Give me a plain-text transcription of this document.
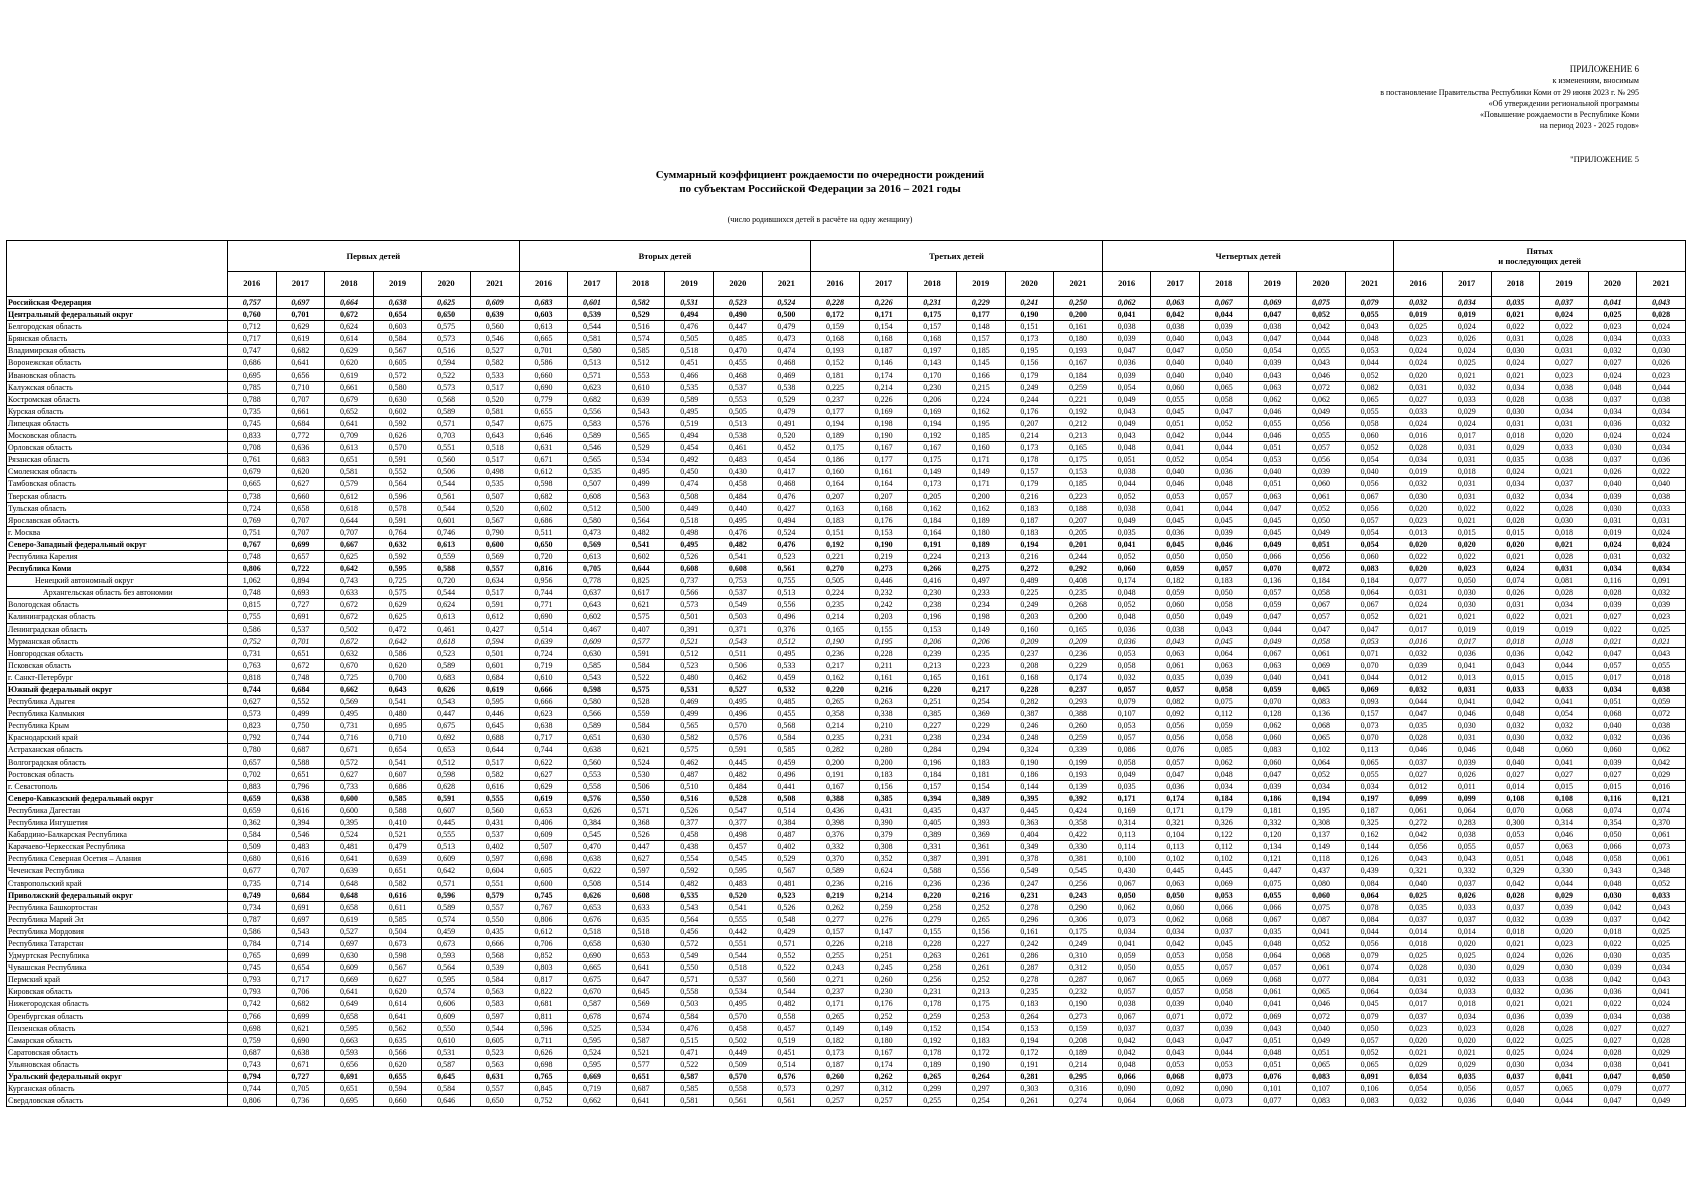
ПРИЛОЖЕНИЕ 6
к изменениям, вносимым
в постановление Правительства Республики Коми от 29 июня 2023 г. № 295
«Об утверждении региональной программы
«Повышение рождаемости в Республике Коми
на период 2023 - 2025 годов»
"ПРИЛОЖЕНИЕ 5
Суммарный коэффициент рождаемости по очередности рождений
по субъектам Российской Федерации за 2016 – 2021 годы
(число родившихся детей в расчёте на одну женщину)
	Первых детей						Вторых детей						Третьих детей						Четвертых детей						Пятых
и последующих детей					
	2016	2017	2018	2019	2020	2021	2016	2017	2018	2019	2020	2021	2016	2017	2018	2019	2020	2021	2016	2017	2018	2019	2020	2021	2016	2017	2018	2019	2020	2021
Российская Федерация	0,757	0,697	0,664	0,638	0,625	0,609	0,683	0,601	0,582	0,531	0,523	0,524	0,228	0,226	0,231	0,229	0,241	0,250	0,062	0,063	0,067	0,069	0,075	0,079	0,032	0,034	0,035	0,037	0,041	0,043
Центральный федеральный округ	0,760	0,701	0,672	0,654	0,650	0,639	0,603	0,539	0,529	0,494	0,490	0,500	0,172	0,171	0,175	0,177	0,190	0,200	0,041	0,042	0,044	0,047	0,052	0,055	0,019	0,019	0,021	0,024	0,025	0,028
Белгородская область	0,712	0,629	0,624	0,603	0,575	0,560	0,613	0,544	0,516	0,476	0,447	0,479	0,159	0,154	0,157	0,148	0,151	0,161	0,038	0,038	0,039	0,038	0,042	0,043	0,025	0,024	0,022	0,022	0,023	0,024
Брянская область	0,717	0,619	0,614	0,584	0,573	0,546	0,665	0,581	0,574	0,505	0,485	0,473	0,168	0,168	0,168	0,157	0,173	0,180	0,039	0,040	0,043	0,047	0,044	0,048	0,023	0,026	0,031	0,028	0,034	0,033
Владимирская область	0,747	0,682	0,629	0,567	0,516	0,527	0,701	0,580	0,585	0,518	0,470	0,474	0,193	0,187	0,197	0,185	0,195	0,193	0,047	0,047	0,050	0,054	0,055	0,053	0,024	0,024	0,030	0,031	0,032	0,030
Воронежская область	0,686	0,641	0,620	0,605	0,594	0,582	0,586	0,513	0,512	0,451	0,455	0,468	0,152	0,146	0,143	0,145	0,156	0,167	0,036	0,040	0,040	0,039	0,043	0,044	0,024	0,025	0,024	0,027	0,027	0,026
Ивановская область	0,695	0,656	0,619	0,572	0,522	0,533	0,660	0,571	0,553	0,466	0,468	0,469	0,181	0,174	0,170	0,166	0,179	0,184	0,039	0,040	0,040	0,043	0,046	0,052	0,020	0,021	0,021	0,023	0,024	0,023
Калужская область	0,785	0,710	0,661	0,580	0,573	0,517	0,690	0,623	0,610	0,535	0,537	0,538	0,225	0,214	0,230	0,215	0,249	0,259	0,054	0,060	0,065	0,063	0,072	0,082	0,031	0,032	0,034	0,038	0,048	0,044
Костромская область	0,788	0,707	0,679	0,630	0,568	0,520	0,779	0,682	0,639	0,589	0,553	0,529	0,237	0,226	0,206	0,224	0,244	0,221	0,049	0,055	0,058	0,062	0,062	0,065	0,027	0,033	0,028	0,038	0,037	0,038
Курская область	0,735	0,661	0,652	0,602	0,589	0,581	0,655	0,556	0,543	0,495	0,505	0,479	0,177	0,169	0,169	0,162	0,176	0,192	0,043	0,045	0,047	0,046	0,049	0,055	0,033	0,029	0,030	0,034	0,034	0,034
Липецкая область	0,745	0,684	0,641	0,592	0,571	0,547	0,675	0,583	0,576	0,519	0,513	0,491	0,194	0,198	0,194	0,195	0,207	0,212	0,049	0,051	0,052	0,055	0,056	0,058	0,024	0,024	0,031	0,031	0,036	0,032
Московская область	0,833	0,772	0,709	0,626	0,703	0,643	0,646	0,589	0,565	0,494	0,538	0,520	0,189	0,190	0,192	0,185	0,214	0,213	0,043	0,042	0,044	0,046	0,055	0,060	0,016	0,017	0,018	0,020	0,024	0,024
Орловская область	0,708	0,636	0,613	0,570	0,551	0,518	0,631	0,546	0,529	0,454	0,461	0,452	0,175	0,167	0,167	0,160	0,173	0,165	0,048	0,041	0,044	0,051	0,057	0,052	0,028	0,031	0,029	0,033	0,030	0,034
Рязанская область	0,761	0,683	0,651	0,591	0,560	0,517	0,671	0,565	0,534	0,492	0,483	0,454	0,186	0,177	0,175	0,171	0,178	0,175	0,051	0,052	0,054	0,053	0,056	0,054	0,034	0,031	0,035	0,038	0,037	0,036
Смоленская область	0,679	0,620	0,581	0,552	0,506	0,498	0,612	0,535	0,495	0,450	0,430	0,417	0,160	0,161	0,149	0,149	0,157	0,153	0,038	0,040	0,036	0,040	0,039	0,040	0,019	0,018	0,024	0,021	0,026	0,022
Тамбовская область	0,665	0,627	0,579	0,564	0,544	0,535	0,598	0,507	0,499	0,474	0,458	0,468	0,164	0,164	0,173	0,171	0,179	0,185	0,044	0,046	0,048	0,051	0,060	0,056	0,032	0,031	0,034	0,037	0,040	0,040
Тверская область	0,738	0,660	0,612	0,596	0,561	0,507	0,682	0,608	0,563	0,508	0,484	0,476	0,207	0,207	0,205	0,200	0,216	0,223	0,052	0,053	0,057	0,063	0,061	0,067	0,030	0,031	0,032	0,034	0,039	0,038
Тульская область	0,724	0,658	0,618	0,578	0,544	0,520	0,602	0,512	0,500	0,449	0,440	0,427	0,163	0,168	0,162	0,162	0,183	0,188	0,038	0,041	0,044	0,047	0,052	0,056	0,020	0,022	0,022	0,028	0,030	0,033
Ярославская область	0,769	0,707	0,644	0,591	0,601	0,567	0,686	0,580	0,564	0,518	0,495	0,494	0,183	0,176	0,184	0,189	0,187	0,207	0,049	0,045	0,045	0,045	0,050	0,057	0,023	0,021	0,028	0,030	0,031	0,031
г. Москва	0,751	0,707	0,707	0,764	0,746	0,790	0,511	0,473	0,482	0,498	0,476	0,524	0,151	0,153	0,164	0,180	0,183	0,205	0,035	0,036	0,039	0,045	0,049	0,054	0,013	0,015	0,015	0,018	0,019	0,024
Северо-Западный федеральный округ	0,767	0,699	0,667	0,632	0,613	0,600	0,650	0,569	0,541	0,495	0,482	0,476	0,192	0,190	0,191	0,189	0,194	0,201	0,041	0,045	0,046	0,049	0,051	0,054	0,020	0,020	0,020	0,021	0,024	0,024
Республика Карелия	0,748	0,657	0,625	0,592	0,559	0,569	0,720	0,613	0,602	0,526	0,541	0,523	0,221	0,219	0,224	0,213	0,216	0,244	0,052	0,050	0,050	0,066	0,056	0,060	0,022	0,022	0,021	0,028	0,031	0,032
Республика Коми	0,806	0,722	0,642	0,595	0,588	0,557	0,816	0,705	0,644	0,608	0,608	0,561	0,270	0,273	0,266	0,275	0,272	0,292	0,060	0,059	0,057	0,070	0,072	0,083	0,020	0,023	0,024	0,031	0,034	0,034
Ненецкий автономный округ	1,062	0,894	0,743	0,725	0,720	0,634	0,956	0,778	0,825	0,737	0,753	0,755	0,505	0,446	0,416	0,497	0,489	0,408	0,174	0,182	0,183	0,136	0,184	0,184	0,077	0,050	0,074	0,081	0,116	0,091
Архангельская область без автономии	0,748	0,693	0,633	0,575	0,544	0,517	0,744	0,637	0,617	0,566	0,537	0,513	0,224	0,232	0,230	0,233	0,225	0,235	0,048	0,059	0,050	0,057	0,058	0,064	0,031	0,030	0,026	0,028	0,028	0,032
Вологодская область	0,815	0,727	0,672	0,629	0,624	0,591	0,771	0,643	0,621	0,573	0,549	0,556	0,235	0,242	0,238	0,234	0,249	0,268	0,052	0,060	0,058	0,059	0,067	0,067	0,024	0,030	0,031	0,034	0,039	0,039
Калининградская область	0,755	0,691	0,672	0,625	0,613	0,612	0,690	0,602	0,575	0,501	0,503	0,496	0,214	0,203	0,196	0,198	0,203	0,200	0,048	0,050	0,049	0,047	0,057	0,052	0,021	0,021	0,022	0,021	0,027	0,023
Ленинградская область	0,586	0,537	0,502	0,472	0,461	0,427	0,514	0,467	0,407	0,391	0,371	0,376	0,165	0,155	0,153	0,149	0,160	0,165	0,036	0,038	0,043	0,044	0,047	0,047	0,017	0,019	0,019	0,019	0,022	0,025
Мурманская область	0,752	0,701	0,672	0,642	0,618	0,594	0,639	0,609	0,577	0,521	0,543	0,512	0,190	0,195	0,206	0,206	0,209	0,209	0,036	0,043	0,045	0,049	0,058	0,053	0,016	0,017	0,018	0,018	0,021	0,021
Новгородская область	0,731	0,651	0,632	0,586	0,523	0,501	0,724	0,630	0,591	0,512	0,511	0,495	0,236	0,228	0,239	0,235	0,237	0,236	0,053	0,063	0,064	0,067	0,061	0,071	0,032	0,036	0,036	0,042	0,047	0,043
Псковская область	0,763	0,672	0,670	0,620	0,589	0,601	0,719	0,585	0,584	0,523	0,506	0,533	0,217	0,211	0,213	0,223	0,208	0,229	0,058	0,061	0,063	0,063	0,069	0,070	0,039	0,041	0,043	0,044	0,057	0,055
г. Санкт-Петербург	0,818	0,748	0,725	0,700	0,683	0,684	0,610	0,543	0,522	0,480	0,462	0,459	0,162	0,161	0,165	0,161	0,168	0,174	0,032	0,035	0,039	0,040	0,041	0,044	0,012	0,013	0,015	0,015	0,017	0,018
Южный федеральный округ	0,744	0,684	0,662	0,643	0,626	0,619	0,666	0,598	0,575	0,531	0,527	0,532	0,220	0,216	0,220	0,217	0,228	0,237	0,057	0,057	0,058	0,059	0,065	0,069	0,032	0,031	0,033	0,033	0,034	0,038
Республика Адыгея	0,627	0,552	0,569	0,541	0,543	0,595	0,666	0,580	0,528	0,469	0,495	0,485	0,265	0,263	0,251	0,254	0,282	0,293	0,079	0,082	0,075	0,070	0,083	0,093	0,044	0,041	0,042	0,041	0,051	0,059
Республика Калмыкия	0,573	0,499	0,495	0,480	0,447	0,446	0,623	0,566	0,559	0,499	0,496	0,455	0,358	0,338	0,385	0,369	0,387	0,388	0,107	0,092	0,112	0,128	0,136	0,157	0,047	0,046	0,048	0,054	0,068	0,072
Республика Крым	0,823	0,750	0,731	0,695	0,675	0,645	0,638	0,589	0,584	0,565	0,570	0,568	0,214	0,210	0,227	0,229	0,246	0,260	0,053	0,056	0,059	0,062	0,068	0,073	0,035	0,030	0,032	0,032	0,040	0,038
Краснодарский край	0,792	0,744	0,716	0,710	0,692	0,688	0,717	0,651	0,630	0,582	0,576	0,584	0,235	0,231	0,238	0,234	0,248	0,259	0,057	0,056	0,058	0,060	0,065	0,070	0,028	0,031	0,030	0,032	0,032	0,036
Астраханская область	0,780	0,687	0,671	0,654	0,653	0,644	0,744	0,638	0,621	0,575	0,591	0,585	0,282	0,280	0,284	0,294	0,324	0,339	0,086	0,076	0,085	0,083	0,102	0,113	0,046	0,046	0,048	0,060	0,060	0,062
Волгоградская область	0,657	0,588	0,572	0,541	0,512	0,517	0,622	0,560	0,524	0,462	0,445	0,459	0,200	0,200	0,196	0,183	0,190	0,199	0,058	0,057	0,062	0,060	0,064	0,065	0,037	0,039	0,040	0,041	0,039	0,042
Ростовская область	0,702	0,651	0,627	0,607	0,598	0,582	0,627	0,553	0,530	0,487	0,482	0,496	0,191	0,183	0,184	0,181	0,186	0,193	0,049	0,047	0,048	0,047	0,052	0,055	0,027	0,026	0,027	0,027	0,027	0,029
г. Севастополь	0,883	0,796	0,733	0,686	0,628	0,616	0,629	0,558	0,506	0,510	0,484	0,441	0,167	0,156	0,157	0,154	0,144	0,139	0,035	0,036	0,034	0,039	0,034	0,034	0,012	0,011	0,014	0,015	0,015	0,016
Северо-Кавказский федеральный округ	0,659	0,638	0,600	0,585	0,591	0,555	0,619	0,576	0,550	0,516	0,528	0,508	0,388	0,385	0,394	0,389	0,395	0,392	0,171	0,174	0,184	0,186	0,194	0,197	0,099	0,099	0,108	0,108	0,116	0,121
Республика Дагестан	0,659	0,616	0,600	0,588	0,607	0,560	0,653	0,626	0,571	0,526	0,547	0,514	0,436	0,431	0,435	0,437	0,445	0,424	0,169	0,171	0,179	0,181	0,195	0,187	0,061	0,064	0,070	0,068	0,074	0,074
Республика Ингушетия	0,362	0,394	0,395	0,410	0,445	0,431	0,406	0,384	0,368	0,377	0,377	0,384	0,398	0,390	0,405	0,393	0,363	0,358	0,314	0,321	0,326	0,332	0,308	0,325	0,272	0,283	0,300	0,314	0,354	0,370
Кабардино-Балкарская Республика	0,584	0,546	0,524	0,521	0,555	0,537	0,609	0,545	0,526	0,458	0,498	0,487	0,376	0,379	0,389	0,369	0,404	0,422	0,113	0,104	0,122	0,120	0,137	0,162	0,042	0,038	0,053	0,046	0,050	0,061
Карачаево-Черкесская Республика	0,509	0,483	0,481	0,479	0,513	0,402	0,507	0,470	0,447	0,438	0,457	0,402	0,332	0,308	0,331	0,361	0,349	0,330	0,114	0,113	0,112	0,134	0,149	0,144	0,056	0,055	0,057	0,063	0,066	0,073
Республика Северная Осетия – Алания	0,680	0,616	0,641	0,639	0,609	0,597	0,698	0,638	0,627	0,554	0,545	0,529	0,370	0,352	0,387	0,391	0,378	0,381	0,100	0,102	0,102	0,121	0,118	0,126	0,043	0,043	0,051	0,048	0,058	0,061
Чеченская Республика	0,677	0,707	0,639	0,651	0,642	0,604	0,605	0,622	0,597	0,592	0,595	0,567	0,589	0,624	0,588	0,556	0,549	0,545	0,430	0,445	0,445	0,447	0,437	0,439	0,321	0,332	0,329	0,330	0,343	0,348
Ставропольский край	0,735	0,714	0,648	0,582	0,571	0,551	0,600	0,508	0,514	0,482	0,483	0,481	0,236	0,216	0,236	0,236	0,247	0,256	0,067	0,063	0,069	0,075	0,080	0,084	0,040	0,037	0,042	0,044	0,048	0,052
Приволжский федеральный округ	0,749	0,684	0,648	0,616	0,596	0,579	0,745	0,626	0,608	0,535	0,520	0,523	0,219	0,214	0,220	0,216	0,231	0,243	0,050	0,050	0,053	0,055	0,060	0,064	0,025	0,026	0,028	0,029	0,030	0,033
Республика Башкортостан	0,734	0,691	0,658	0,611	0,589	0,557	0,767	0,653	0,633	0,543	0,541	0,526	0,262	0,259	0,258	0,252	0,278	0,290	0,062	0,060	0,066	0,066	0,075	0,078	0,035	0,033	0,037	0,039	0,042	0,043
Республика Марий Эл	0,787	0,697	0,619	0,585	0,574	0,550	0,806	0,676	0,635	0,564	0,555	0,548	0,277	0,276	0,279	0,265	0,296	0,306	0,073	0,062	0,068	0,067	0,087	0,084	0,037	0,037	0,032	0,039	0,037	0,042
Республика Мордовия	0,586	0,543	0,527	0,504	0,459	0,435	0,612	0,518	0,518	0,456	0,442	0,429	0,157	0,147	0,155	0,156	0,161	0,175	0,034	0,034	0,037	0,035	0,041	0,044	0,014	0,014	0,018	0,020	0,018	0,025
Республика Татарстан	0,784	0,714	0,697	0,673	0,673	0,666	0,706	0,658	0,630	0,572	0,551	0,571	0,226	0,218	0,228	0,227	0,242	0,249	0,041	0,042	0,045	0,048	0,052	0,056	0,018	0,020	0,021	0,023	0,022	0,025
Удмуртская Республика	0,765	0,699	0,630	0,598	0,593	0,568	0,852	0,690	0,653	0,549	0,544	0,552	0,255	0,251	0,263	0,261	0,286	0,310	0,059	0,053	0,058	0,064	0,068	0,079	0,025	0,025	0,024	0,026	0,030	0,035
Чувашская Республика	0,745	0,654	0,609	0,567	0,564	0,539	0,803	0,665	0,641	0,550	0,518	0,522	0,243	0,245	0,258	0,261	0,287	0,312	0,050	0,055	0,057	0,057	0,061	0,074	0,028	0,030	0,029	0,030	0,039	0,034
Пермский край	0,793	0,717	0,669	0,627	0,595	0,584	0,817	0,675	0,647	0,571	0,537	0,560	0,271	0,260	0,256	0,252	0,278	0,287	0,067	0,065	0,069	0,068	0,077	0,084	0,031	0,032	0,033	0,038	0,042	0,043
Кировская область	0,793	0,706	0,641	0,620	0,574	0,563	0,822	0,670	0,645	0,558	0,534	0,544	0,237	0,230	0,231	0,213	0,235	0,232	0,057	0,057	0,058	0,061	0,065	0,064	0,034	0,033	0,032	0,036	0,036	0,041
Нижегородская область	0,742	0,682	0,649	0,614	0,606	0,583	0,681	0,587	0,569	0,503	0,495	0,482	0,171	0,176	0,178	0,175	0,183	0,190	0,038	0,039	0,040	0,041	0,046	0,045	0,017	0,018	0,021	0,021	0,022	0,024
Оренбургская область	0,766	0,699	0,658	0,641	0,609	0,597	0,811	0,678	0,674	0,584	0,570	0,558	0,265	0,252	0,259	0,253	0,264	0,273	0,067	0,071	0,072	0,069	0,072	0,079	0,037	0,034	0,036	0,039	0,034	0,038
Пензенская область	0,698	0,621	0,595	0,562	0,550	0,544	0,596	0,525	0,534	0,476	0,458	0,457	0,149	0,149	0,152	0,154	0,153	0,159	0,037	0,037	0,039	0,043	0,040	0,050	0,023	0,023	0,028	0,028	0,027	0,027
Самарская область	0,759	0,690	0,663	0,635	0,610	0,605	0,711	0,595	0,587	0,515	0,502	0,519	0,182	0,180	0,192	0,183	0,194	0,208	0,042	0,043	0,047	0,051	0,049	0,057	0,020	0,020	0,022	0,025	0,027	0,028
Саратовская область	0,687	0,638	0,593	0,566	0,531	0,523	0,626	0,524	0,521	0,471	0,449	0,451	0,173	0,167	0,178	0,172	0,172	0,189	0,042	0,043	0,044	0,048	0,051	0,052	0,021	0,021	0,025	0,024	0,028	0,029
Ульяновская область	0,743	0,671	0,656	0,620	0,587	0,563	0,698	0,595	0,577	0,522	0,509	0,514	0,187	0,174	0,189	0,190	0,191	0,214	0,048	0,053	0,053	0,051	0,065	0,065	0,029	0,029	0,030	0,034	0,038	0,041
Уральский федеральный округ	0,794	0,727	0,691	0,655	0,645	0,631	0,765	0,669	0,651	0,587	0,570	0,576	0,260	0,262	0,265	0,264	0,281	0,295	0,066	0,068	0,073	0,076	0,083	0,091	0,034	0,035	0,037	0,041	0,047	0,050
Курганская область	0,744	0,705	0,651	0,594	0,584	0,557	0,845	0,719	0,687	0,585	0,558	0,573	0,297	0,312	0,299	0,297	0,303	0,316	0,090	0,092	0,090	0,101	0,107	0,106	0,054	0,056	0,057	0,065	0,079	0,077
Свердловская область	0,806	0,736	0,695	0,660	0,646	0,650	0,752	0,662	0,641	0,581	0,561	0,561	0,257	0,257	0,255	0,254	0,261	0,274	0,064	0,068	0,073	0,077	0,083	0,083	0,032	0,036	0,040	0,044	0,047	0,049
